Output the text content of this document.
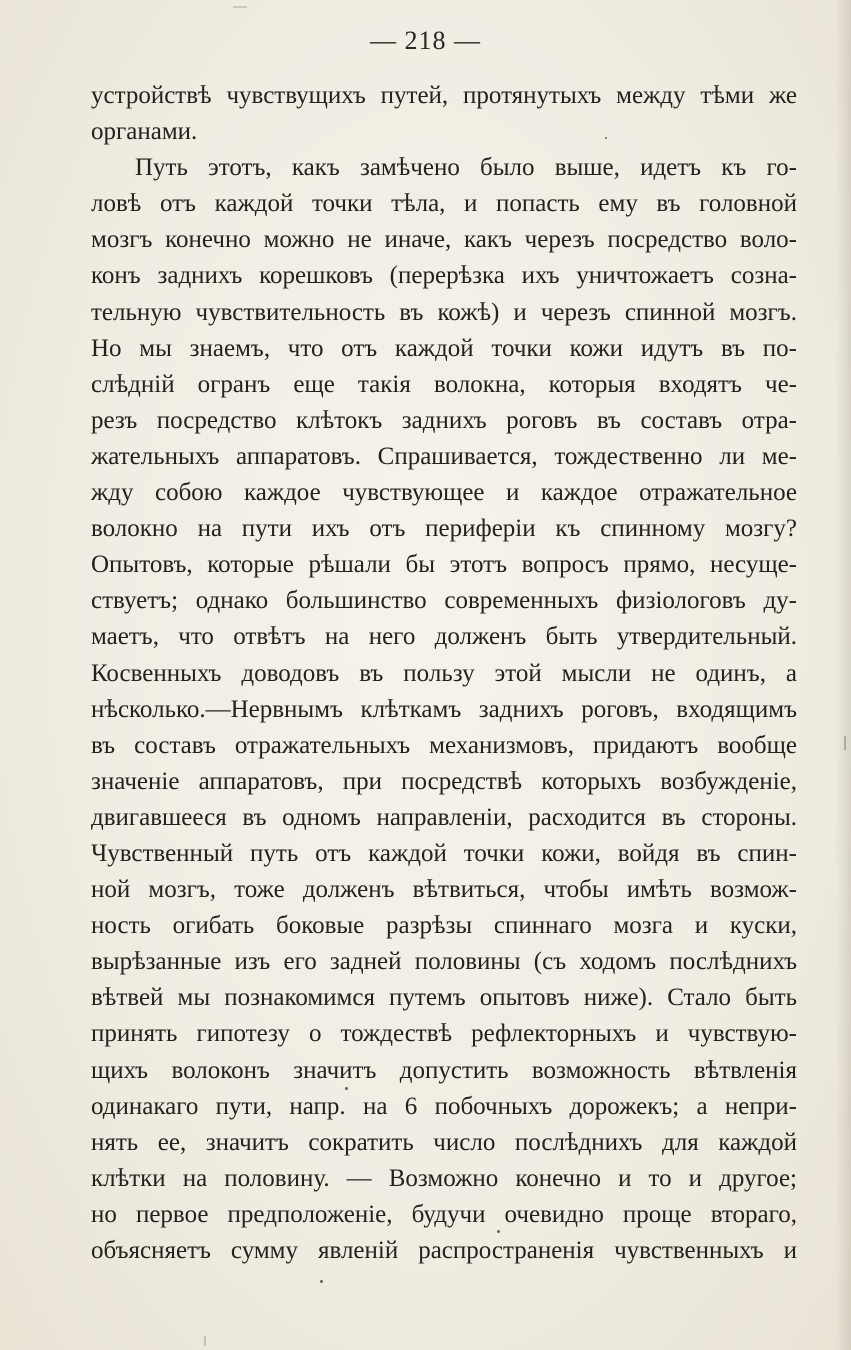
— 218 —
устройствѣ чувствущихъ путей, протянутыхъ между тѣми же
органами.
Путь этотъ, какъ замѣчено было выше, идетъ къ го-
ловѣ отъ каждой точки тѣла, и попасть ему въ головной
мозгъ конечно можно не иначе, какъ черезъ посредство воло-
конъ заднихъ корешковъ (перерѣзка ихъ уничтожаетъ созна-
тельную чувствительность въ кожѣ) и черезъ спинной мозгъ.
Но мы знаемъ, что отъ каждой точки кожи идутъ въ по-
слѣднiй огранъ еще такiя волокна, которыя входятъ че-
резъ посредство клѣтокъ заднихъ роговъ въ составъ отра-
жательныхъ аппаратовъ. Спрашивается, тождественно ли ме-
жду собою каждое чувствующее и каждое отражательное
волокно на пути ихъ отъ периферiи къ спинному мозгу?
Опытовъ, которые рѣшали бы этотъ вопросъ прямо, несуще-
ствуетъ; однако большинство современныхъ физiологовъ ду-
маетъ, что отвѣтъ на него долженъ быть утвердительный.
Косвенныхъ доводовъ въ пользу этой мысли не одинъ, а
нѣсколько.—Нервнымъ клѣткамъ заднихъ роговъ, входящимъ
въ составъ отражательныхъ механизмовъ, придаютъ вообще
значенiе аппаратовъ, при посредствѣ которыхъ возбужденiе,
двигавшееся въ одномъ направленiи, расходится въ стороны.
Чувственный путь отъ каждой точки кожи, войдя въ спин-
ной мозгъ, тоже долженъ вѣтвиться, чтобы имѣть возмож-
ность огибать боковые разрѣзы спиннаго мозга и куски,
вырѣзанные изъ его задней половины (съ ходомъ послѣднихъ
вѣтвей мы познакомимся путемъ опытовъ ниже). Стало быть
принять гипотезу о тождествѣ рефлекторныхъ и чувствую-
щихъ волоконъ значитъ допустить возможность вѣтвленiя
одинакаго пути, напр. на 6 побочныхъ дорожекъ; а непри-
нять ее, значитъ сократить число послѣднихъ для каждой
клѣтки на половину. — Возможно конечно и то и другое;
но первое предположенiе, будучи очевидно проще втораго,
объясняетъ сумму явленiй распространенiя чувственныхъ и
